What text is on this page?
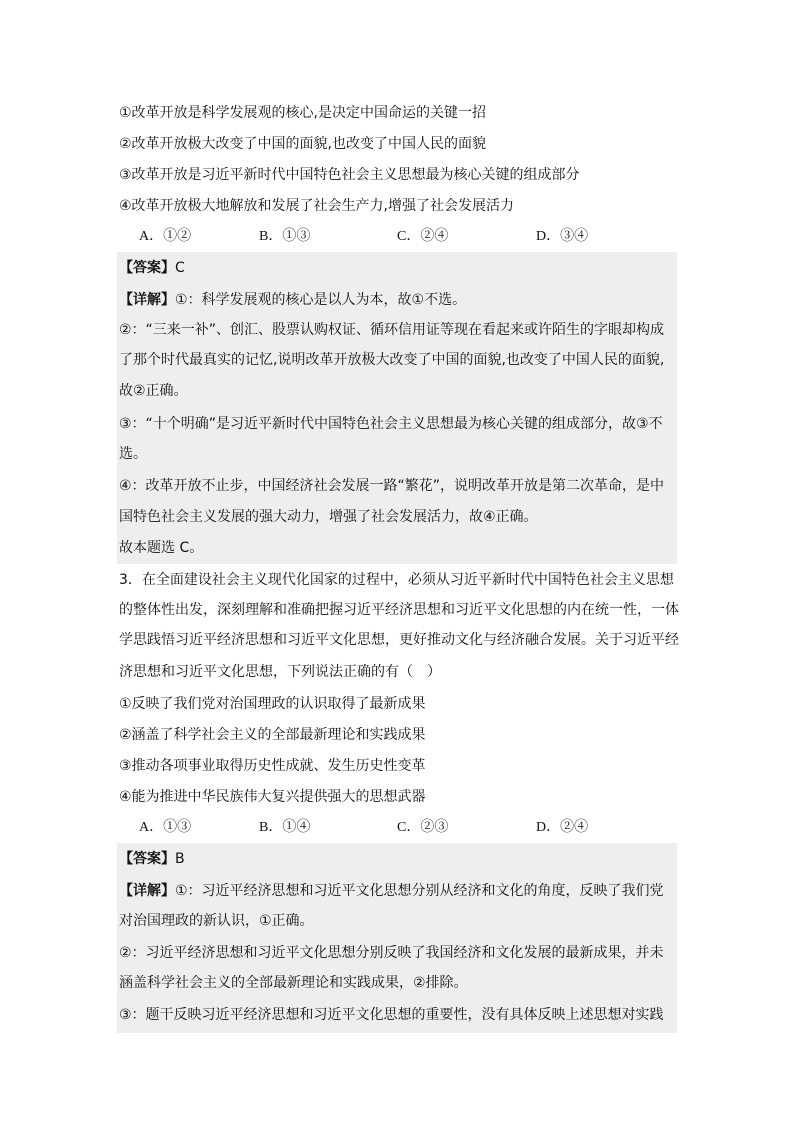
①改革开放是科学发展观的核心,是决定中国命运的关键一招
②改革开放极大改变了中国的面貌,也改变了中国人民的面貌
③改革开放是习近平新时代中国特色社会主义思想最为核心关键的组成部分
④改革开放极大地解放和发展了社会生产力,增强了社会发展活力
A．①②	B．①③	C．②④	D．③④
【答案】C
【详解】①：科学发展观的核心是以人为本，故①不选。
②：“三来一补”、创汇、股票认购权证、循环信用证等现在看起来或许陌生的字眼却构成
了那个时代最真实的记忆,说明改革开放极大改变了中国的面貌,也改变了中国人民的面貌,
故②正确。
③：“十个明确”是习近平新时代中国特色社会主义思想最为核心关键的组成部分，故③不
选。
④：改革开放不止步，中国经济社会发展一路“繁花”，说明改革开放是第二次革命，是中
国特色社会主义发展的强大动力，增强了社会发展活力，故④正确。
故本题选 C。
3．在全面建设社会主义现代化国家的过程中，必须从习近平新时代中国特色社会主义思想
的整体性出发，深刻理解和准确把握习近平经济思想和习近平文化思想的内在统一性，一体
学思践悟习近平经济思想和习近平文化思想，更好推动文化与经济融合发展。关于习近平经
济思想和习近平文化思想，下列说法正确的有（　）
①反映了我们党对治国理政的认识取得了最新成果
②涵盖了科学社会主义的全部最新理论和实践成果
③推动各项事业取得历史性成就、发生历史性变革
④能为推进中华民族伟大复兴提供强大的思想武器
A．①③	B．①④	C．②③	D．②④
【答案】B
【详解】①：习近平经济思想和习近平文化思想分别从经济和文化的角度，反映了我们党
对治国理政的新认识，①正确。
②：习近平经济思想和习近平文化思想分别反映了我国经济和文化发展的最新成果，并未
涵盖科学社会主义的全部最新理论和实践成果，②排除。
③：题干反映习近平经济思想和习近平文化思想的重要性，没有具体反映上述思想对实践
